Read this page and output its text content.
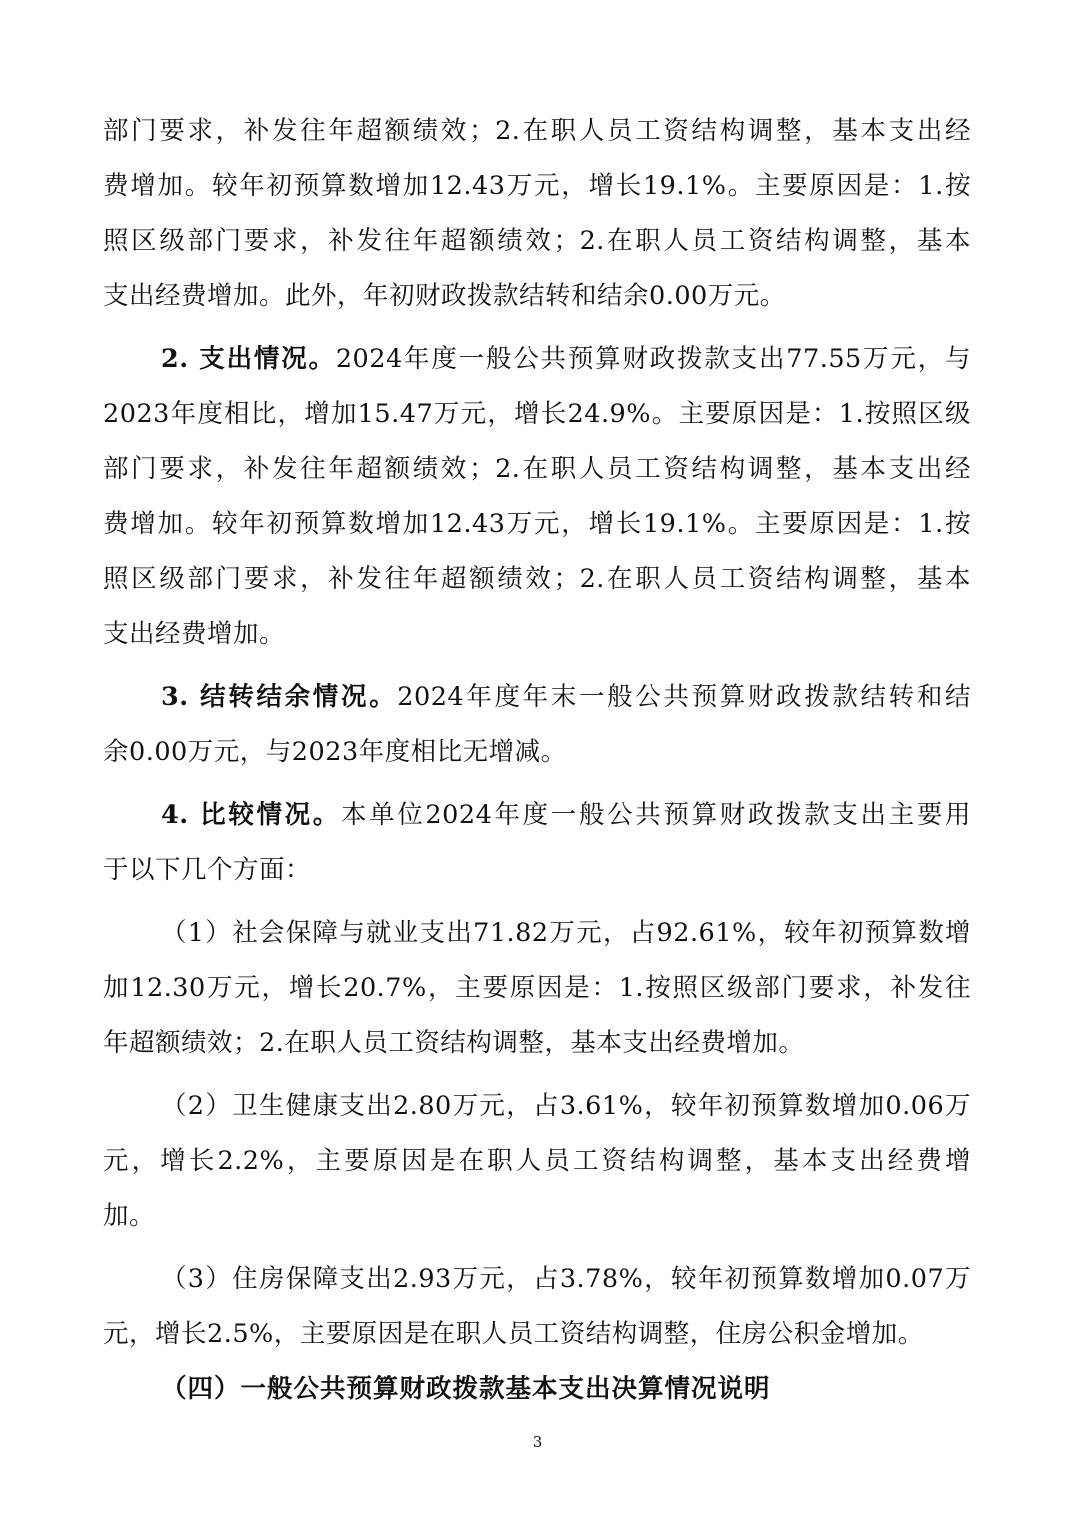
部门要求，补发往年超额绩效；2.在职人员工资结构调整，基本支出经
费增加。较年初预算数增加12.43万元，增长19.1%。主要原因是：1.按
照区级部门要求，补发往年超额绩效；2.在职人员工资结构调整，基本
支出经费增加。此外，年初财政拨款结转和结余0.00万元。
2. 支出情况。2024年度一般公共预算财政拨款支出77.55万元，与
2023年度相比，增加15.47万元，增长24.9%。主要原因是：1.按照区级
部门要求，补发往年超额绩效；2.在职人员工资结构调整，基本支出经
费增加。较年初预算数增加12.43万元，增长19.1%。主要原因是：1.按
照区级部门要求，补发往年超额绩效；2.在职人员工资结构调整，基本
支出经费增加。
3. 结转结余情况。2024年度年末一般公共预算财政拨款结转和结
余0.00万元，与2023年度相比无增减。
4. 比较情况。本单位2024年度一般公共预算财政拨款支出主要用
于以下几个方面：
（1）社会保障与就业支出71.82万元，占92.61%，较年初预算数增
加12.30万元，增长20.7%，主要原因是：1.按照区级部门要求，补发往
年超额绩效；2.在职人员工资结构调整，基本支出经费增加。
（2）卫生健康支出2.80万元，占3.61%，较年初预算数增加0.06万
元，增长2.2%，主要原因是在职人员工资结构调整，基本支出经费增
加。
（3）住房保障支出2.93万元，占3.78%，较年初预算数增加0.07万
元，增长2.5%，主要原因是在职人员工资结构调整，住房公积金增加。
（四）一般公共预算财政拨款基本支出决算情况说明
3
